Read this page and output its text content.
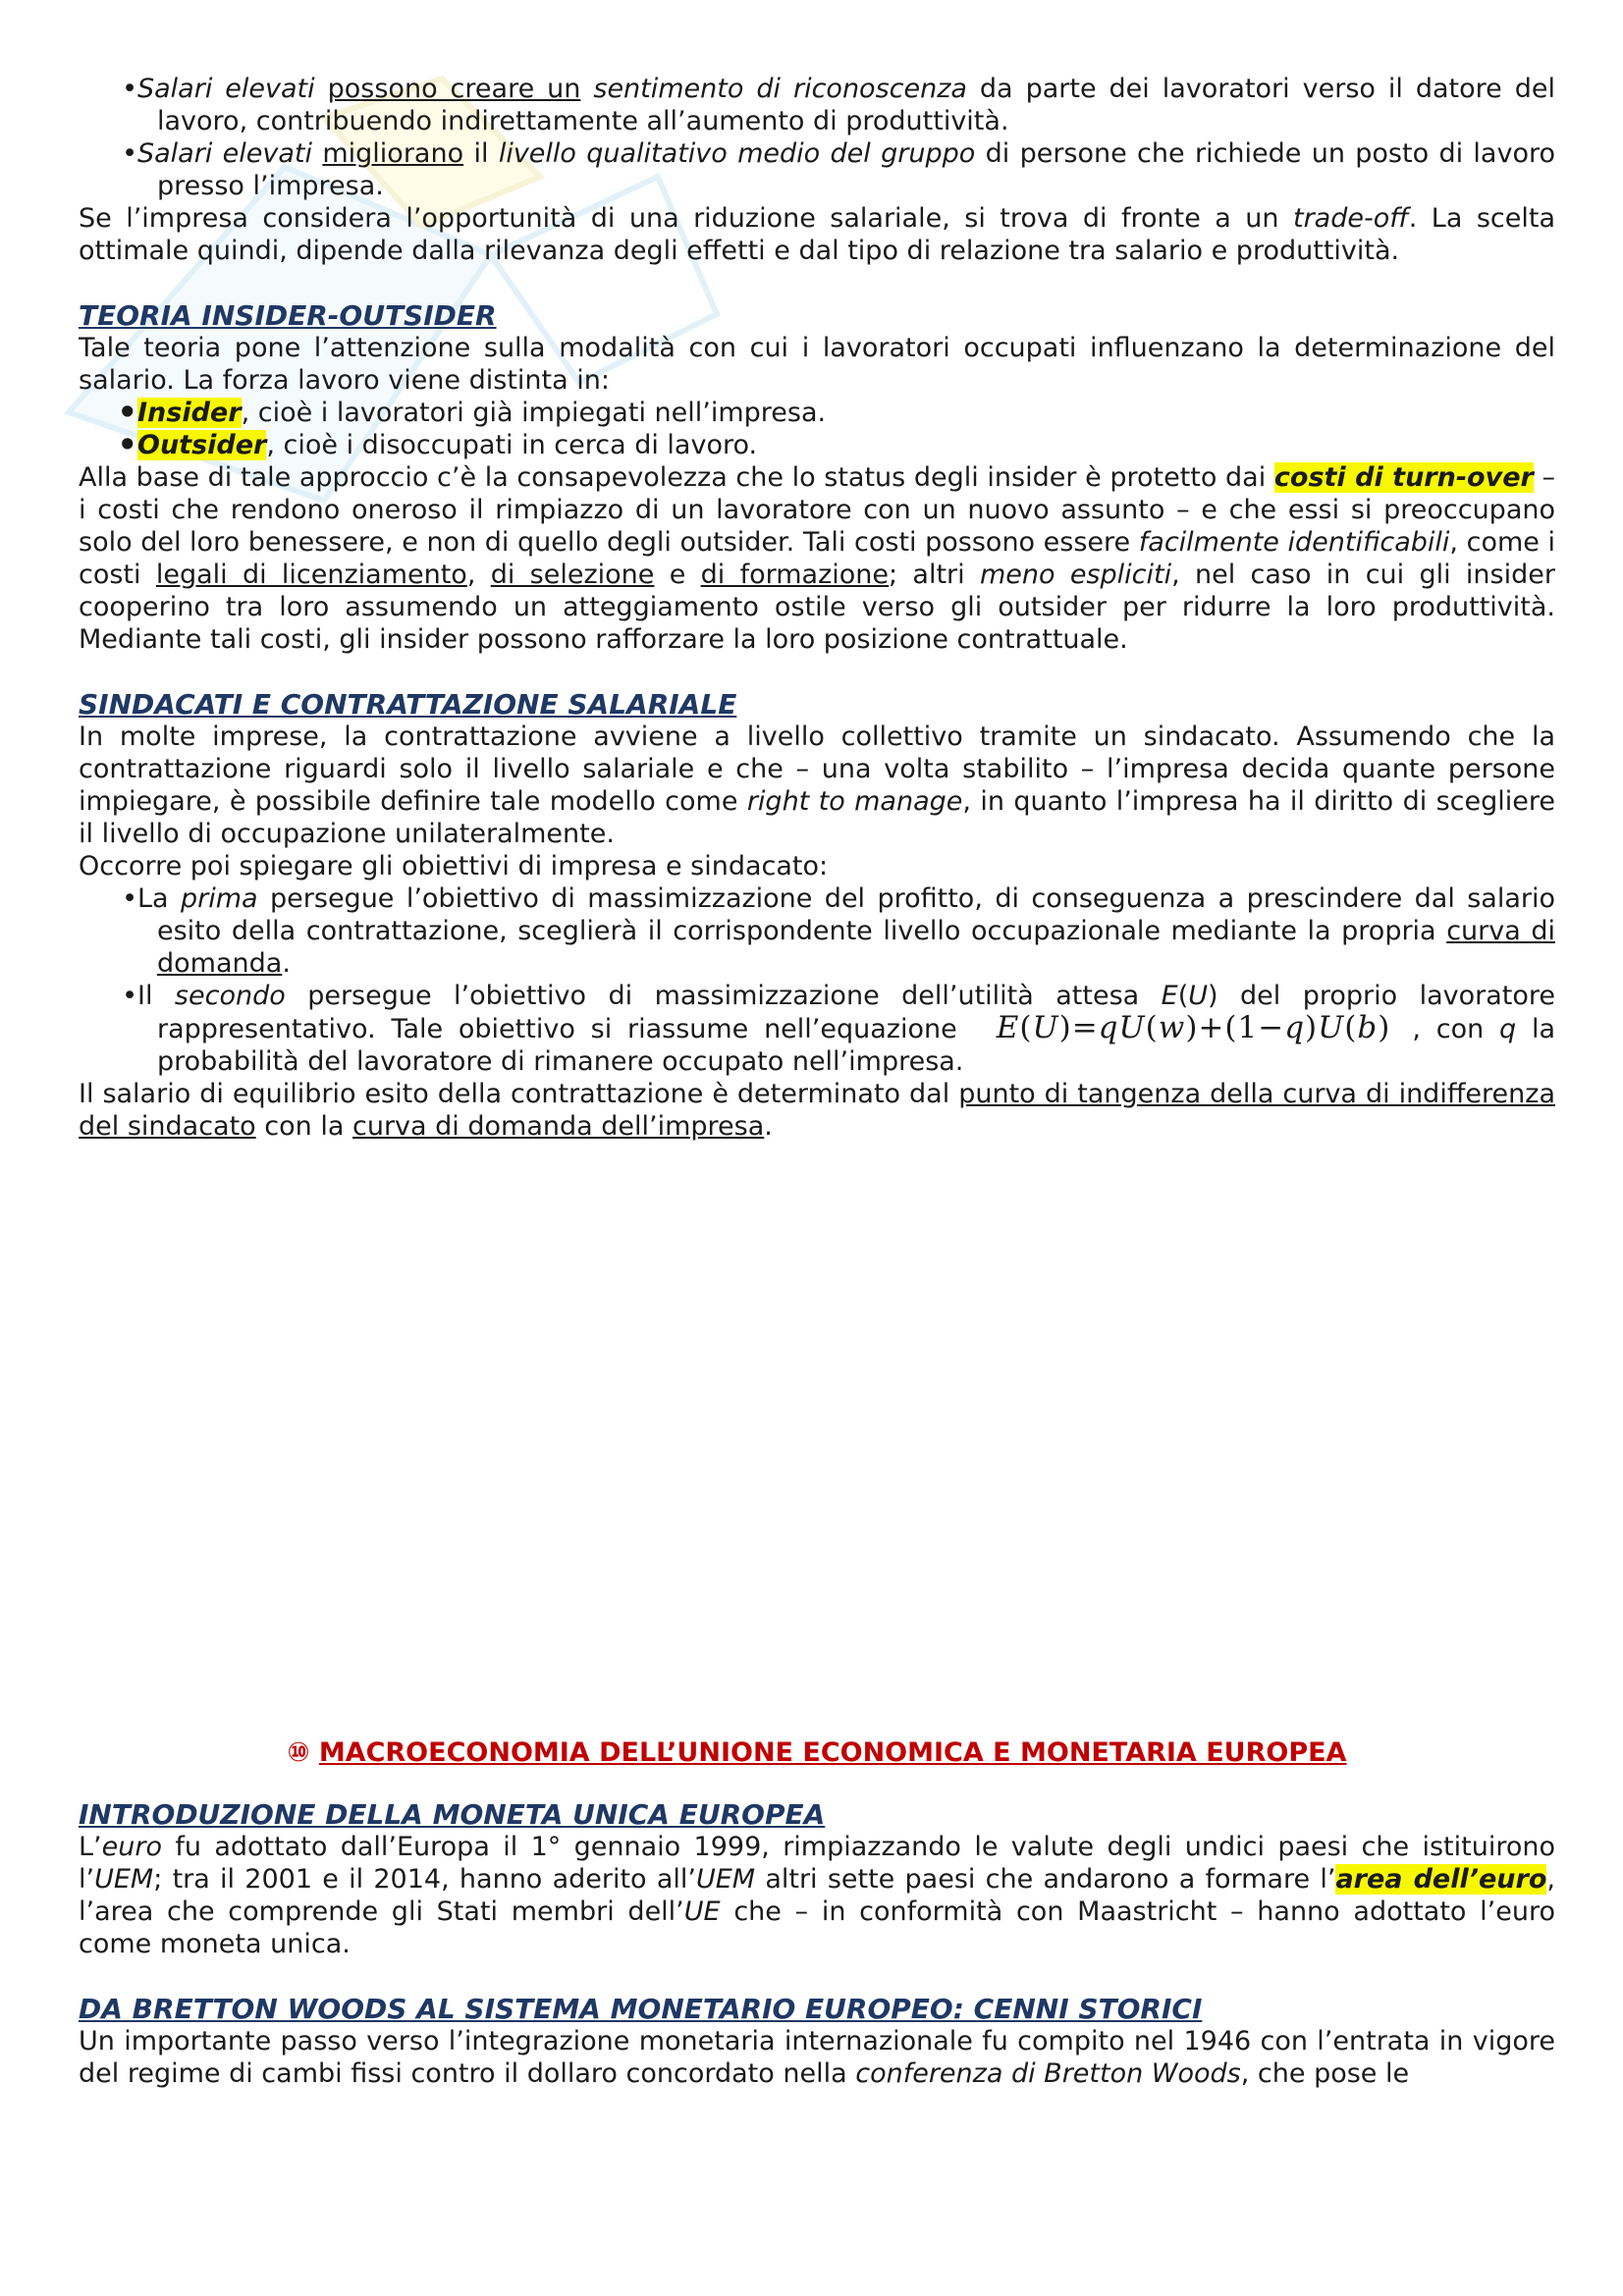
• Salari elevati possono creare un sentimento di riconoscenza da parte dei lavoratori verso il datore del lavoro, contribuendo indirettamente all’aumento di produttività.
• Salari elevati migliorano il livello qualitativo medio del gruppo di persone che richiede un posto di lavoro presso l’impresa.

Se l’impresa considera l’opportunità di una riduzione salariale, si trova di fronte a un trade-off. La scelta ottimale quindi, dipende dalla rilevanza degli effetti e dal tipo di relazione tra salario e produttività.

TEORIA INSIDER-OUTSIDER

Tale teoria pone l’attenzione sulla modalità con cui i lavoratori occupati influenzano la determinazione del salario. La forza lavoro viene distinta in:

• Insider, cioè i lavoratori già impiegati nell’impresa.
• Outsider, cioè i disoccupati in cerca di lavoro.

Alla base di tale approccio c’è la consapevolezza che lo status degli insider è protetto dai costi di turn-over – i costi che rendono oneroso il rimpiazzo di un lavoratore con un nuovo assunto – e che essi si preoccupano solo del loro benessere, e non di quello degli outsider. Tali costi possono essere facilmente identificabili, come i costi legali di licenziamento, di selezione e di formazione; altri meno espliciti, nel caso in cui gli insider cooperino tra loro assumendo un atteggiamento ostile verso gli outsider per ridurre la loro produttività. Mediante tali costi, gli insider possono rafforzare la loro posizione contrattuale.

SINDACATI E CONTRATTAZIONE SALARIALE

In molte imprese, la contrattazione avviene a livello collettivo tramite un sindacato. Assumendo che la contrattazione riguardi solo il livello salariale e che – una volta stabilito – l’impresa decida quante persone impiegare, è possibile definire tale modello come right to manage, in quanto l’impresa ha il diritto di scegliere il livello di occupazione unilateralmente.

Occorre poi spiegare gli obiettivi di impresa e sindacato:

• La prima persegue l’obiettivo di massimizzazione del profitto, di conseguenza a prescindere dal salario esito della contrattazione, sceglierà il corrispondente livello occupazionale mediante la propria curva di domanda.
• Il secondo persegue l’obiettivo di massimizzazione dell’utilità attesa E(U) del proprio lavoratore rappresentativo. Tale obiettivo si riassume nell’equazione E(U)=qU(w)+(1−q)U(b) , con q la probabilità del lavoratore di rimanere occupato nell’impresa.

Il salario di equilibrio esito della contrattazione è determinato dal punto di tangenza della curva di indifferenza del sindacato con la curva di domanda dell’impresa.

⑩ MACROECONOMIA DELL’UNIONE ECONOMICA E MONETARIA EUROPEA
INTRODUZIONE DELLA MONETA UNICA EUROPEA

L’euro fu adottato dall’Europa il 1° gennaio 1999, rimpiazzando le valute degli undici paesi che istituirono l’UEM; tra il 2001 e il 2014, hanno aderito all’UEM altri sette paesi che andarono a formare l’area dell’euro, l’area che comprende gli Stati membri dell’UE che – in conformità con Maastricht – hanno adottato l’euro come moneta unica.

DA BRETTON WOODS AL SISTEMA MONETARIO EUROPEO: CENNI STORICI

Un importante passo verso l’integrazione monetaria internazionale fu compito nel 1946 con l’entrata in vigore del regime di cambi fissi contro il dollaro concordato nella conferenza di Bretton Woods, che pose le
